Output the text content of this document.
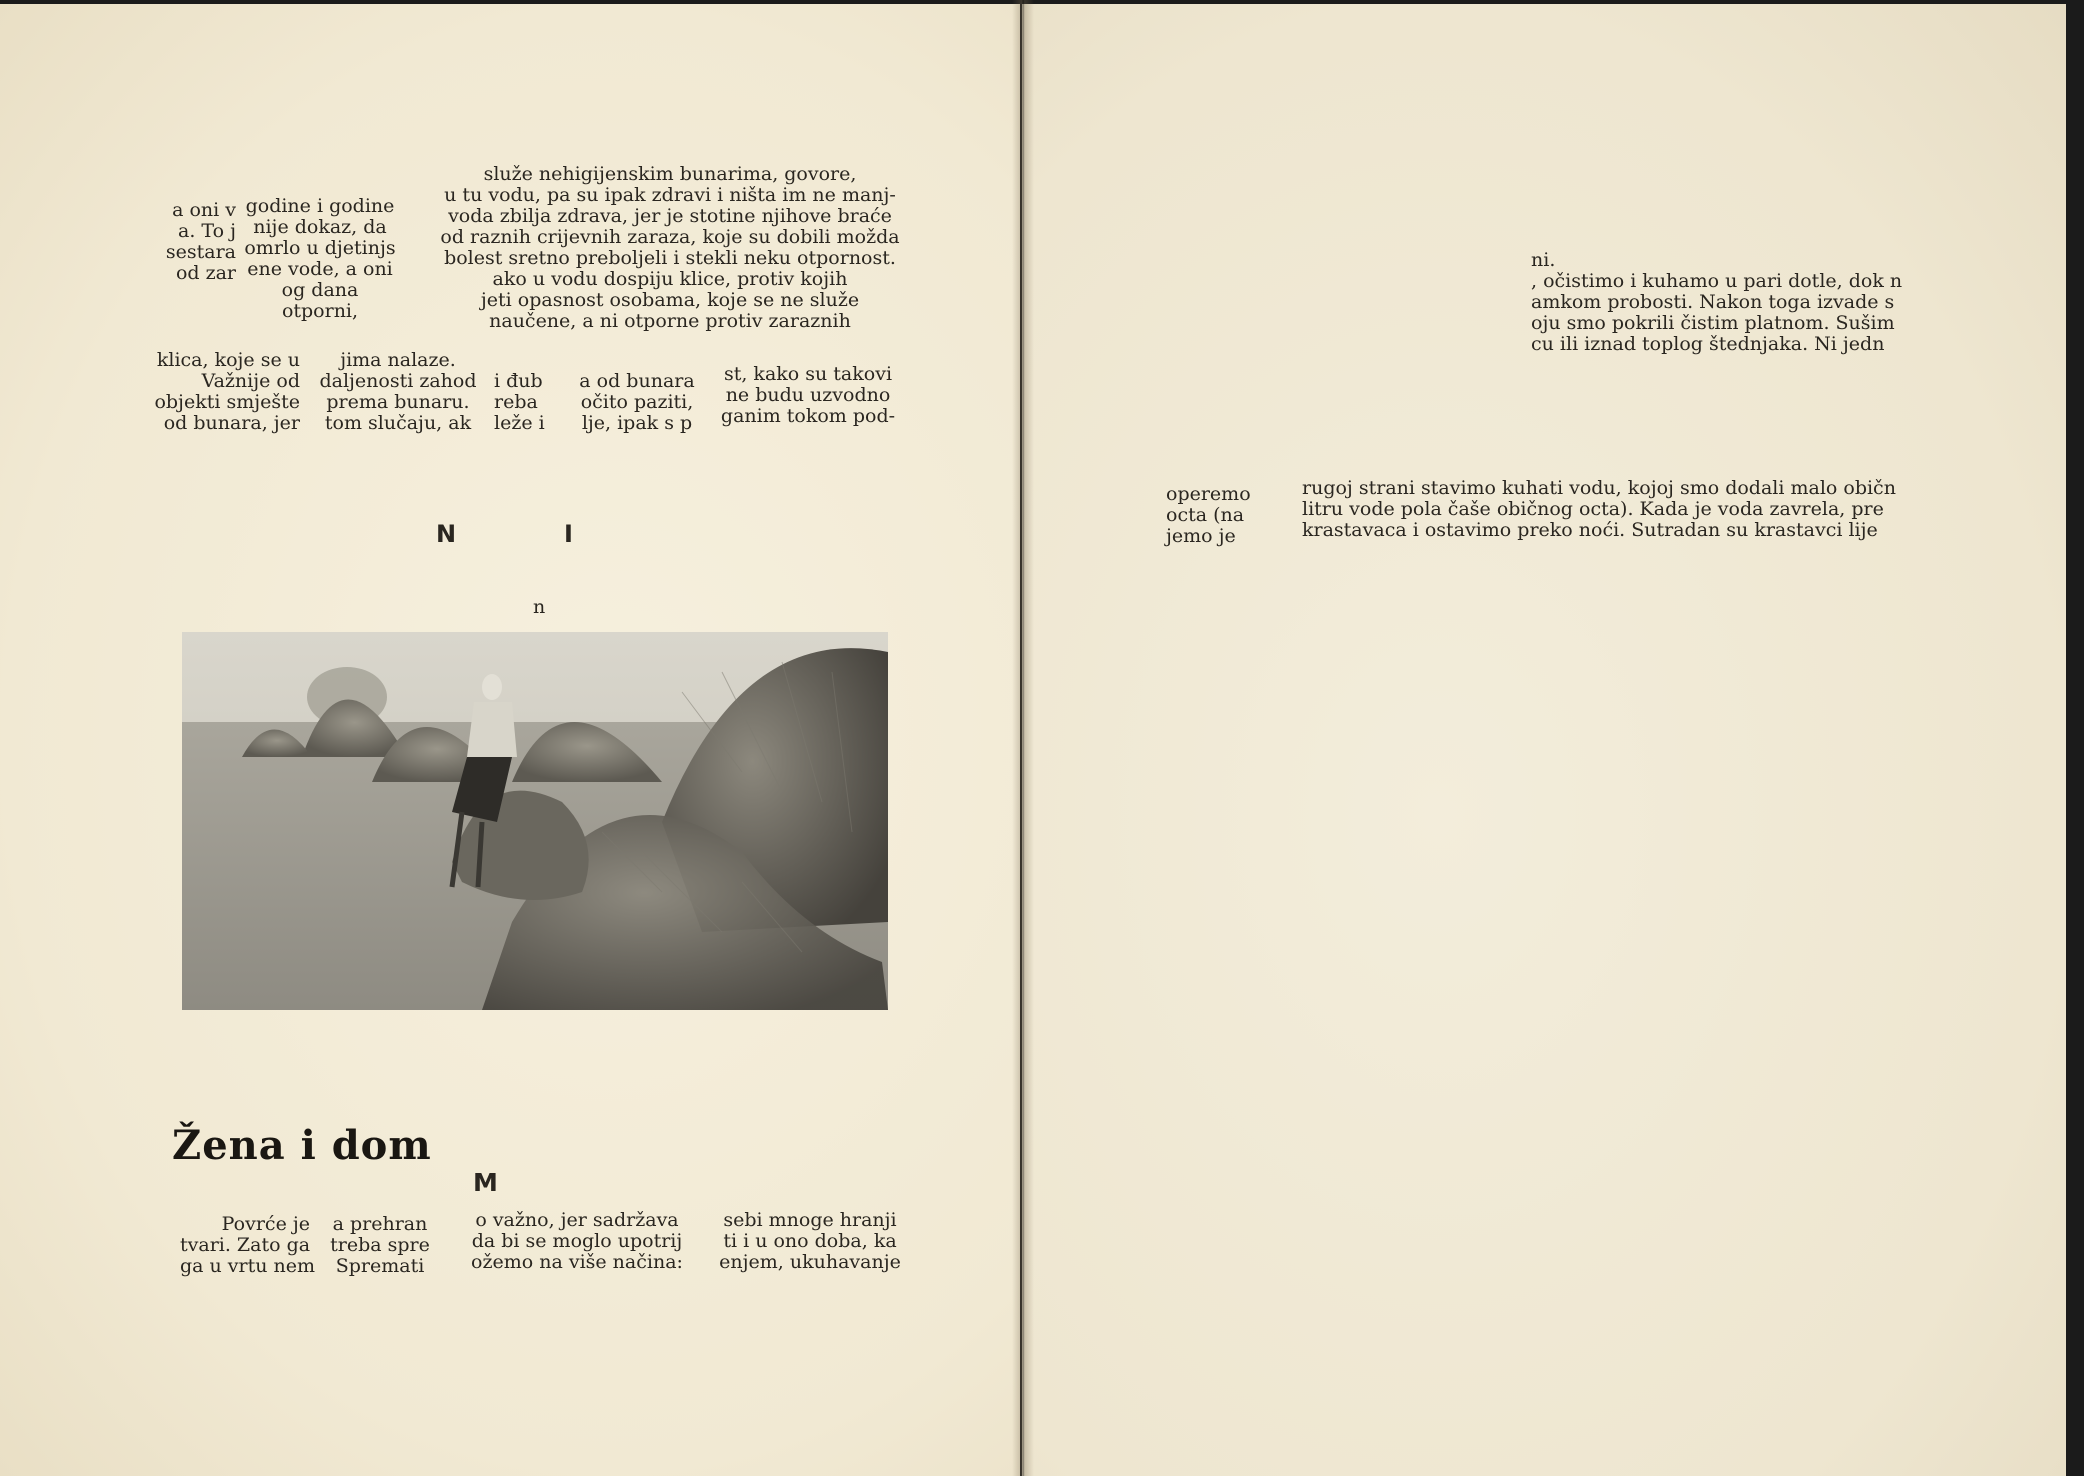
služe nehigijenskim bunarima, govore,
u tu vodu, pa su ipak zdravi i ništa im ne manj-
voda zbilja zdrava, jer je stotine njihove braće
od raznih crijevnih zaraza, koje su dobili možda
bolest sretno preboljeli i stekli neku otpornost.
ako u vodu dospiju klice, protiv kojih
jeti opasnost osobama, koje se ne služe
naučene, a ni otporne protiv zaraznih
a oni v
a. To j
sestara
od zar
godine i godine
nije dokaz, da
omrlo u djetinjs
ene vode, a oni
og dana
otporni,
klica, koje se u
Važnije od
objekti smješte
od bunara, jer
jima nalaze.
daljenosti zahod
prema bunaru.
tom slučaju, ak
i đub
reba
leže i
a od bunara
očito paziti,
lje, ipak s p
st, kako su takovi
ne budu uzvodno
ganim tokom pod-
N	I
n
Žena i dom
M
Povrće je
tvari. Zato ga
ga u vrtu nem
a prehran
treba spre
Spremati
o važno, jer sadržava
da bi se moglo upotrij
ožemo na više načina:
sebi mnoge hranji
ti i u ono doba, ka
enjem, ukuhavanje
ni.
, očistimo i kuhamo u pari dotle, dok n
amkom probosti. Nakon toga izvade s
oju smo pokrili čistim platnom. Sušim
cu ili iznad toplog štednjaka. Ni jedn
operemo
octa (na
jemo je
rugoj strani stavimo kuhati vodu, kojoj smo dodali malo običn
litru vode pola čaše običnog octa). Kada je voda zavrela, pre
krastavaca i ostavimo preko noći. Sutradan su krastavci lije
